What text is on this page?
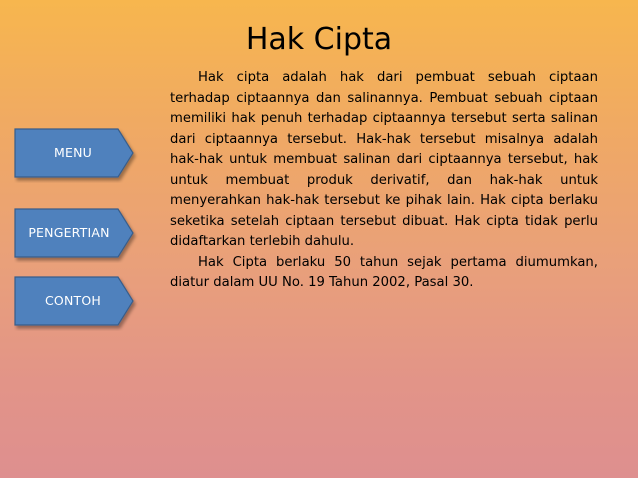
Hak Cipta

Hak cipta adalah hak dari pembuat sebuah ciptaan terhadap ciptaannya dan salinannya. Pembuat sebuah ciptaan memiliki hak penuh terhadap ciptaannya tersebut serta salinan dari ciptaannya tersebut. Hak-hak tersebut misalnya adalah hak-hak untuk membuat salinan dari ciptaannya tersebut, hak untuk membuat produk derivatif, dan hak-hak untuk menyerahkan hak-hak tersebut ke pihak lain. Hak cipta berlaku seketika setelah ciptaan tersebut dibuat. Hak cipta tidak perlu didaftarkan terlebih dahulu.

Hak Cipta berlaku 50 tahun sejak pertama diumumkan, diatur dalam UU No. 19 Tahun 2002, Pasal 30.

MENU
PENGERTIAN
CONTOH
